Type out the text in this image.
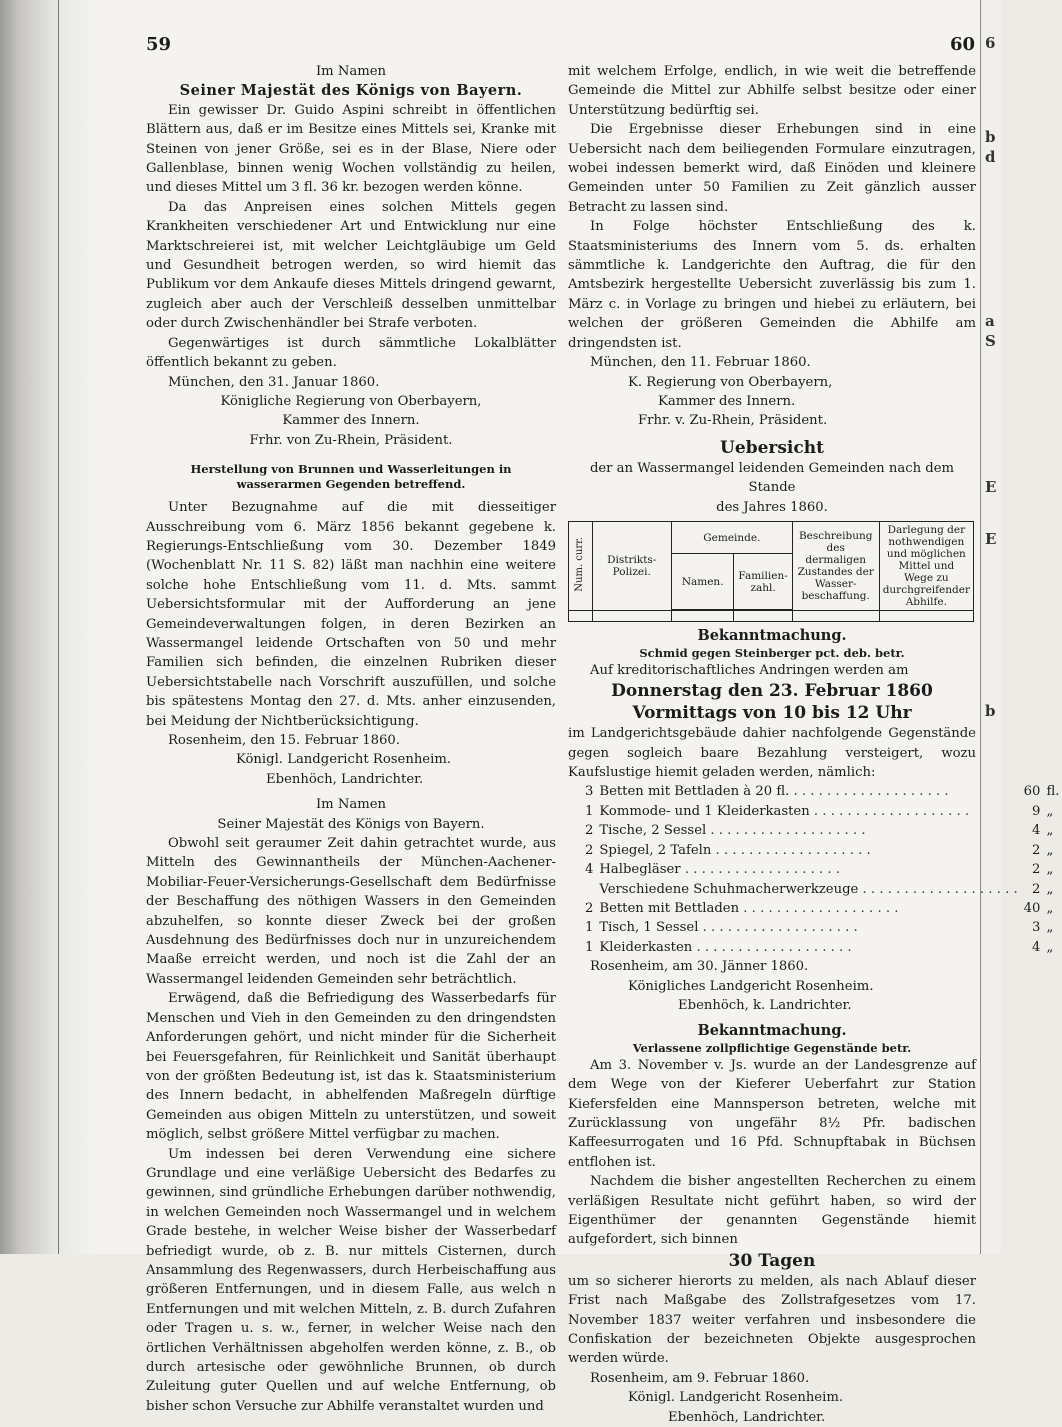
59	60 6
b
d
a
S
E
E
b

Im Namen

Seiner Majestät des Königs von Bayern.

Ein gewisser Dr. Guido Aspini schreibt in öffentlichen Blättern aus, daß er im Besitze eines Mittels sei, Kranke mit Steinen von jener Größe, sei es in der Blase, Niere oder Gallenblase, binnen wenig Wochen vollständig zu heilen, und dieses Mittel um 3 fl. 36 kr. bezogen werden könne.

Da das Anpreisen eines solchen Mittels gegen Krankheiten verschiedener Art und Entwicklung nur eine Marktschreierei ist, mit welcher Leichtgläubige um Geld und Gesundheit betrogen werden, so wird hiemit das Publikum vor dem Ankaufe dieses Mittels dringend gewarnt, zugleich aber auch der Verschleiß desselben unmittelbar oder durch Zwischenhändler bei Strafe verboten.

Gegenwärtiges ist durch sämmtliche Lokalblätter öffentlich bekannt zu geben.

München, den 31. Januar 1860.

Königliche Regierung von Oberbayern,

Kammer des Innern.

Frhr. von Zu-Rhein, Präsident.

Herstellung von Brunnen und Wasserleitungen in wasserarmen Gegenden betreffend.

Unter Bezugnahme auf die mit diesseitiger Ausschreibung vom 6. März 1856 bekannt gegebene k. Regierungs-Entschließung vom 30. Dezember 1849 (Wochenblatt Nr. 11 S. 82) läßt man nachhin eine weitere solche hohe Entschließung vom 11. d. Mts. sammt Uebersichtsformular mit der Aufforderung an jene Gemeindeverwaltungen folgen, in deren Bezirken an Wassermangel leidende Ortschaften von 50 und mehr Familien sich befinden, die einzelnen Rubriken dieser Uebersichtstabelle nach Vorschrift auszufüllen, und solche bis spätestens Montag den 27. d. Mts. anher einzusenden, bei Meidung der Nichtberücksichtigung.

Rosenheim, den 15. Februar 1860.

Königl. Landgericht Rosenheim.

Ebenhöch, Landrichter.

Im Namen

Seiner Majestät des Königs von Bayern.

Obwohl seit geraumer Zeit dahin getrachtet wurde, aus Mitteln des Gewinnantheils der München-Aachener-Mobiliar-Feuer-Versicherungs-Gesellschaft dem Bedürfnisse der Beschaffung des nöthigen Wassers in den Gemeinden abzuhelfen, so konnte dieser Zweck bei der großen Ausdehnung des Bedürfnisses doch nur in unzureichendem Maaße erreicht werden, und noch ist die Zahl der an Wassermangel leidenden Gemeinden sehr beträchtlich.

Erwägend, daß die Befriedigung des Wasserbedarfs für Menschen und Vieh in den Gemeinden zu den dringendsten Anforderungen gehört, und nicht minder für die Sicherheit bei Feuersgefahren, für Reinlichkeit und Sanität überhaupt von der größten Bedeutung ist, ist das k. Staatsministerium des Innern bedacht, in abhelfenden Maßregeln dürftige Gemeinden aus obigen Mitteln zu unterstützen, und soweit möglich, selbst größere Mittel verfügbar zu machen.

Um indessen bei deren Verwendung eine sichere Grundlage und eine verläßige Uebersicht des Bedarfes zu gewinnen, sind gründliche Erhebungen darüber nothwendig, in welchen Gemeinden noch Wassermangel und in welchem Grade bestehe, in welcher Weise bisher der Wasserbedarf befriedigt wurde, ob z. B. nur mittels Cisternen, durch Ansammlung des Regenwassers, durch Herbeischaffung aus größeren Entfernungen, und in diesem Falle, aus welch n Entfernungen und mit welchen Mitteln, z. B. durch Zufahren oder Tragen u. s. w., ferner, in welcher Weise nach den örtlichen Verhältnissen abgeholfen werden könne, z. B., ob durch artesische oder gewöhnliche Brunnen, ob durch Zuleitung guter Quellen und auf welche Entfernung, ob bisher schon Versuche zur Abhilfe veranstaltet wurden und

mit welchem Erfolge, endlich, in wie weit die betreffende Gemeinde die Mittel zur Abhilfe selbst besitze oder einer Unterstützung bedürftig sei.

Die Ergebnisse dieser Erhebungen sind in eine Uebersicht nach dem beiliegenden Formulare einzutragen, wobei indessen bemerkt wird, daß Einöden und kleinere Gemeinden unter 50 Familien zu Zeit gänzlich ausser Betracht zu lassen sind.

In Folge höchster Entschließung des k. Staatsministeriums des Innern vom 5. ds. erhalten sämmtliche k. Landgerichte den Auftrag, die für den Amtsbezirk hergestellte Uebersicht zuverlässig bis zum 1. März c. in Vorlage zu bringen und hiebei zu erläutern, bei welchen der größeren Gemeinden die Abhilfe am dringendsten ist.

München, den 11. Februar 1860.

K. Regierung von Oberbayern,

Kammer des Innern.

Frhr. v. Zu-Rhein, Präsident.

Uebersicht

der an Wassermangel leidenden Gemeinden nach dem Stande

des Jahres 1860.

Num. curr.	Distrikts-Polizei.	Gemeinde.		Beschreibung des dermaligen Zustandes der Wasser-beschaffung.	Darlegung der nothwendigen und möglichen Mittel und Wege zu durchgreifender Abhilfe.
		Namen.	Familien-zahl.		

Bekanntmachung.

Schmid gegen Steinberger pct. deb. betr.

Auf kreditorischaftliches Andringen werden am

Donnerstag den 23. Februar 1860

Vormittags von 10 bis 12 Uhr

im Landgerichtsgebäude dahier nachfolgende Gegenstände gegen sogleich baare Bezahlung versteigert, wozu Kaufslustige hiemit geladen werden, nämlich:

3	Betten mit Bettladen à 20 fl. . . . . . . . . . . . . . . . . . . .	60	fl.
1	Kommode- und 1 Kleiderkasten . . . . . . . . . . . . . . . . . . .	9	„
2	Tische, 2 Sessel . . . . . . . . . . . . . . . . . . .	4	„
2	Spiegel, 2 Tafeln . . . . . . . . . . . . . . . . . . .	2	„
4	Halbegläser . . . . . . . . . . . . . . . . . . .	2	„
	Verschiedene Schuhmacherwerkzeuge . . . . . . . . . . . . . . . . . . .	2	„
2	Betten mit Bettladen . . . . . . . . . . . . . . . . . . .	40	„
1	Tisch, 1 Sessel . . . . . . . . . . . . . . . . . . .	3	„
1	Kleiderkasten . . . . . . . . . . . . . . . . . . .	4	„

Rosenheim, am 30. Jänner 1860.

Königliches Landgericht Rosenheim.

Ebenhöch, k. Landrichter.

Bekanntmachung.

Verlassene zollpflichtige Gegenstände betr.

Am 3. November v. Js. wurde an der Landesgrenze auf dem Wege von der Kieferer Ueberfahrt zur Station Kiefersfelden eine Mannsperson betreten, welche mit Zurücklassung von ungefähr 8½ Pfr. badischen Kaffeesurrogaten und 16 Pfd. Schnupftabak in Büchsen entflohen ist.

Nachdem die bisher angestellten Recherchen zu einem verläßigen Resultate nicht geführt haben, so wird der Eigenthümer der genannten Gegenstände hiemit aufgefordert, sich binnen

30 Tagen

um so sicherer hierorts zu melden, als nach Ablauf dieser Frist nach Maßgabe des Zollstrafgesetzes vom 17. November 1837 weiter verfahren und insbesondere die Confiskation der bezeichneten Objekte ausgesprochen werden würde.

Rosenheim, am 9. Februar 1860.

Königl. Landgericht Rosenheim.

Ebenhöch, Landrichter.
